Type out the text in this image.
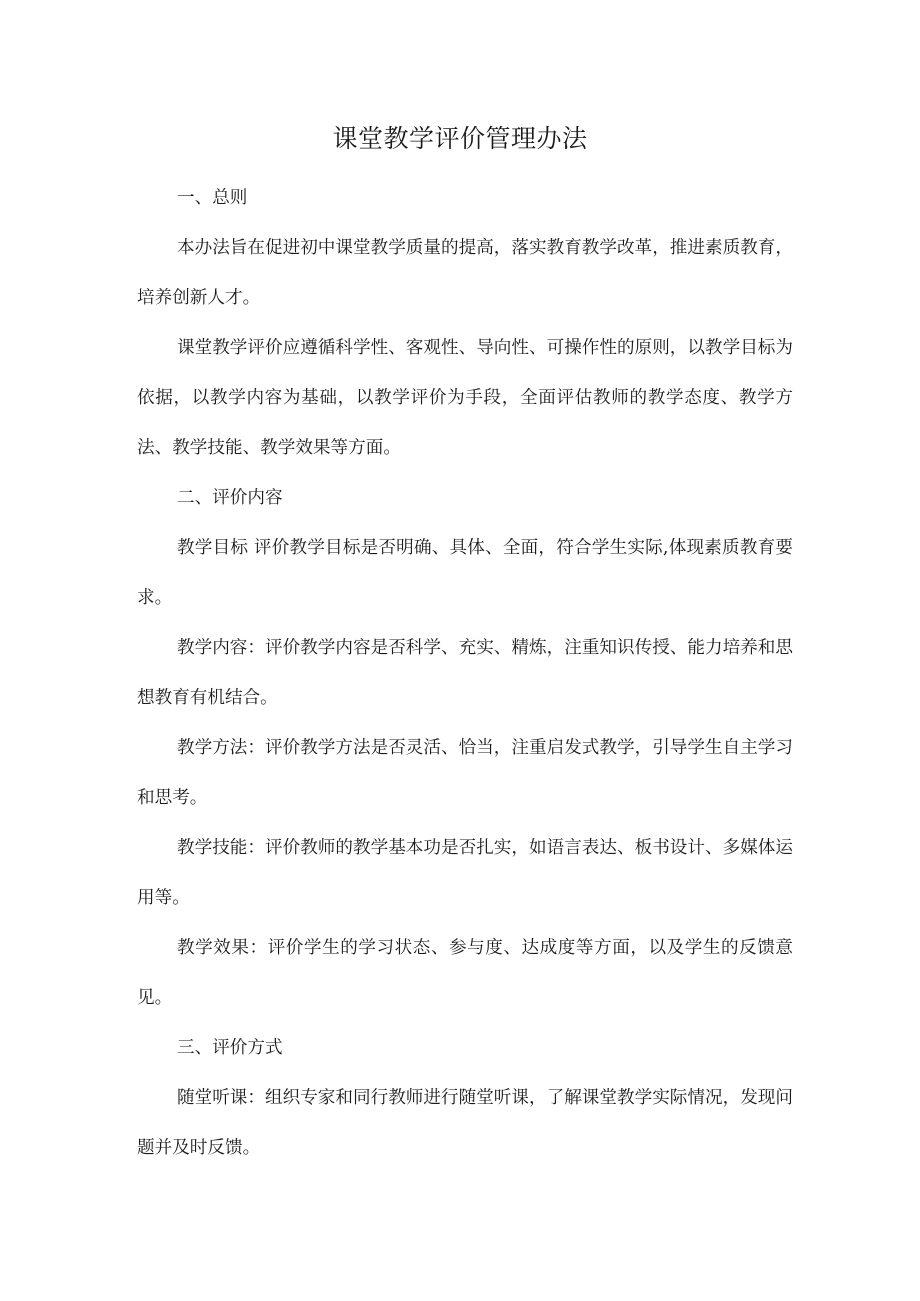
课堂教学评价管理办法

一、总则

本办法旨在促进初中课堂教学质量的提高，落实教育教学改革，推进素质教育，培养创新人才。

课堂教学评价应遵循科学性、客观性、导向性、可操作性的原则，以教学目标为依据，以教学内容为基础，以教学评价为手段，全面评估教师的教学态度、教学方法、教学技能、教学效果等方面。

二、评价内容

教学目标 评价教学目标是否明确、具体、全面，符合学生实际,体现素质教育要求。

教学内容：评价教学内容是否科学、充实、精炼，注重知识传授、能力培养和思想教育有机结合。

教学方法：评价教学方法是否灵活、恰当，注重启发式教学，引导学生自主学习和思考。

教学技能：评价教师的教学基本功是否扎实，如语言表达、板书设计、多媒体运用等。

教学效果：评价学生的学习状态、参与度、达成度等方面，以及学生的反馈意见。

三、评价方式

随堂听课：组织专家和同行教师进行随堂听课，了解课堂教学实际情况，发现问题并及时反馈。
